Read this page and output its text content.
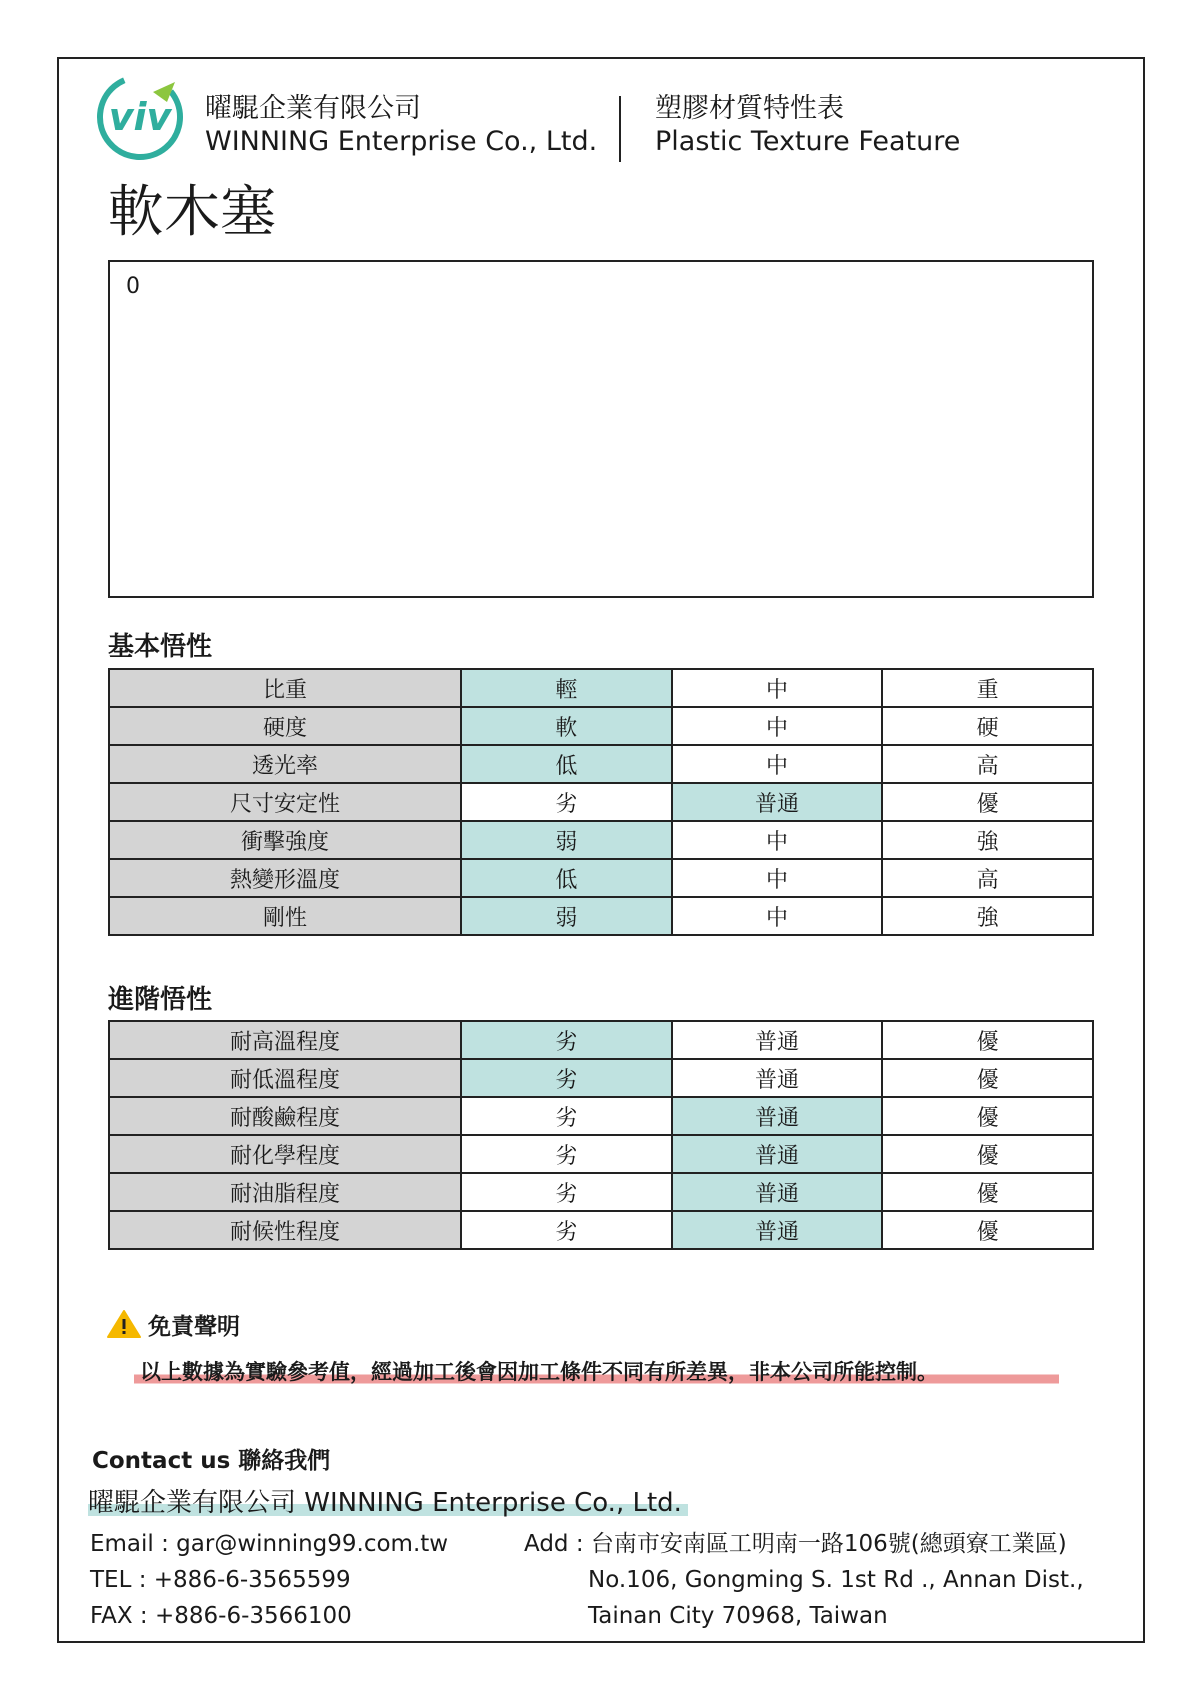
viv 曜騉企業有限公司
WINNING Enterprise Co., Ltd.
塑膠材質特性表
Plastic Texture Feature
軟木塞
0
基本悟性
比重	輕	中	重
硬度	軟	中	硬
透光率	低	中	高
尺寸安定性	劣	普通	優
衝擊強度	弱	中	強
熱變形溫度	低	中	高
剛性	弱	中	強
進階悟性
耐高溫程度	劣	普通	優
耐低溫程度	劣	普通	優
耐酸鹼程度	劣	普通	優
耐化學程度	劣	普通	優
耐油脂程度	劣	普通	優
耐候性程度	劣	普通	優
免責聲明
以上數據為實驗參考值，經過加工後會因加工條件不同有所差異，非本公司所能控制。
Contact us 聯絡我們
曜騉企業有限公司 WINNING Enterprise Co., Ltd.
Email : gar@winning99.com.tw
TEL : +886-6-3565599
FAX : +886-6-3566100
Add : 台南市安南區工明南一路106號(總頭寮工業區)
No.106, Gongming S. 1st Rd ., Annan Dist.,
Tainan City 70968, Taiwan
